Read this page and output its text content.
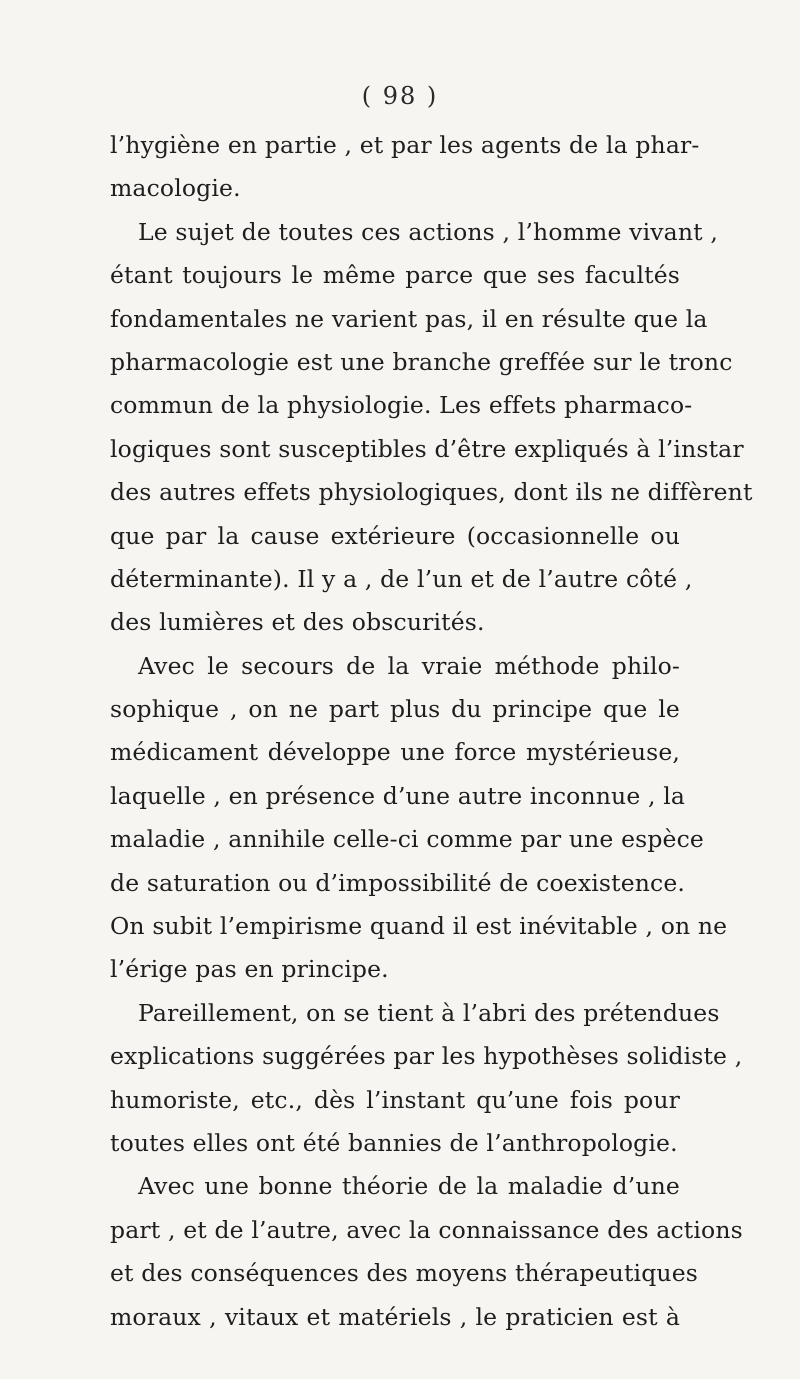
( 98 )
l’hygiène en partie , et par les agents de la phar-
macologie.
Le sujet de toutes ces actions , l’homme vivant ,
étant toujours le même parce que ses facultés
fondamentales ne varient pas, il en résulte que la
pharmacologie est une branche greffée sur le tronc
commun de la physiologie. Les effets pharmaco-
logiques sont susceptibles d’être expliqués à l’instar
des autres effets physiologiques, dont ils ne diffèrent
que par la cause extérieure (occasionnelle ou
déterminante). Il y a , de l’un et de l’autre côté ,
des lumières et des obscurités.
Avec le secours de la vraie méthode philo-
sophique , on ne part plus du principe que le
médicament développe une force mystérieuse,
laquelle , en présence d’une autre inconnue , la
maladie , annihile celle-ci comme par une espèce
de saturation ou d’impossibilité de coexistence.
On subit l’empirisme quand il est inévitable , on ne
l’érige pas en principe.
Pareillement, on se tient à l’abri des prétendues
explications suggérées par les hypothèses solidiste ,
humoriste, etc., dès l’instant qu’une fois pour
toutes elles ont été bannies de l’anthropologie.
Avec une bonne théorie de la maladie d’une
part , et de l’autre, avec la connaissance des actions
et des conséquences des moyens thérapeutiques
moraux , vitaux et matériels , le praticien est à
